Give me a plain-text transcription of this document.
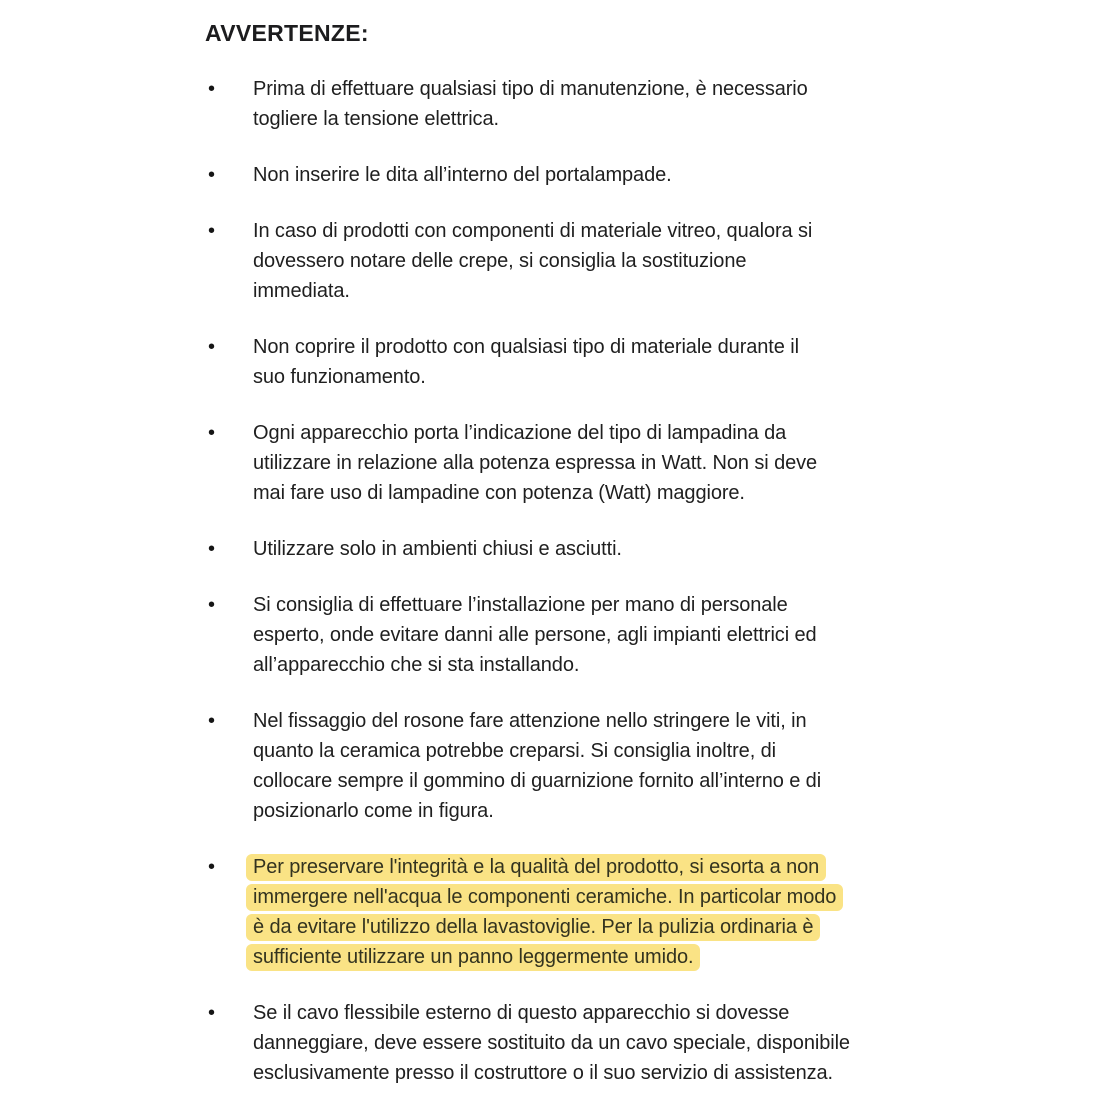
AVVERTENZE:
•	Prima di effettuare qualsiasi tipo di manutenzione, è necessario
togliere la tensione elettrica.
•	Non inserire le dita all’interno del portalampade.
•	In caso di prodotti con componenti di materiale vitreo, qualora si
dovessero notare delle crepe, si consiglia la sostituzione
immediata.
•	Non coprire il prodotto con qualsiasi tipo di materiale durante il
suo funzionamento.
•	Ogni apparecchio porta l’indicazione del tipo di lampadina da
utilizzare in relazione alla potenza espressa in Watt. Non si deve
mai fare uso di lampadine con potenza (Watt) maggiore.
•	Utilizzare solo in ambienti chiusi e asciutti.
•	Si consiglia di effettuare l’installazione per mano di personale
esperto, onde evitare danni alle persone, agli impianti elettrici ed
all’apparecchio che si sta installando.
•	Nel fissaggio del rosone fare attenzione nello stringere le viti, in
quanto la ceramica potrebbe creparsi. Si consiglia inoltre, di
collocare sempre il gommino di guarnizione fornito all’interno e di
posizionarlo come in figura.
•	Per preservare l'integrità e la qualità del prodotto, si esorta a non
immergere nell'acqua le componenti ceramiche. In particolar modo
è da evitare l'utilizzo della lavastoviglie. Per la pulizia ordinaria è
sufficiente utilizzare un panno leggermente umido.
•	Se il cavo flessibile esterno di questo apparecchio si dovesse
danneggiare, deve essere sostituito da un cavo speciale, disponibile
esclusivamente presso il costruttore o il suo servizio di assistenza.
